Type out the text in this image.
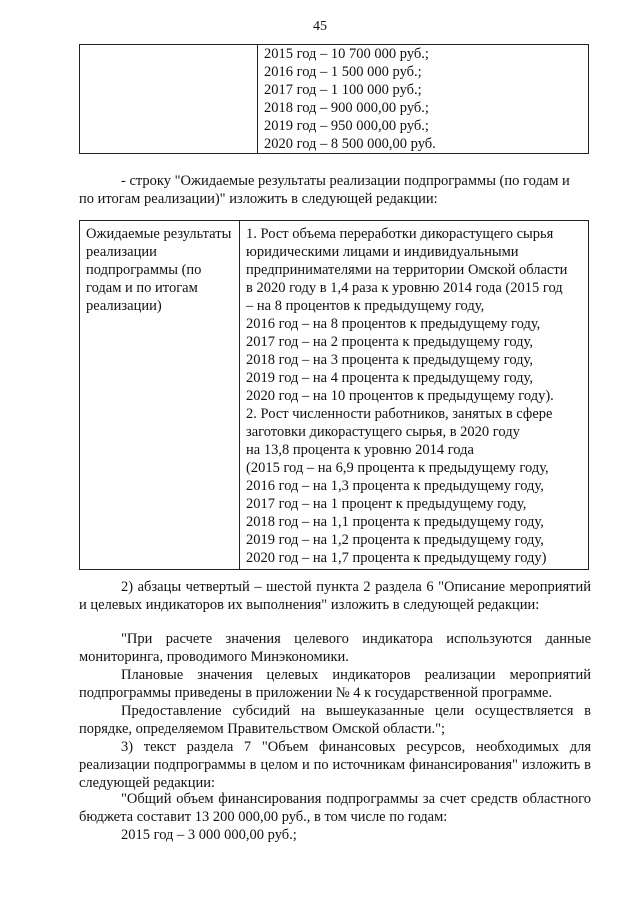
45

2015 год – 10 700 000 руб.;
2016 год – 1 500 000 руб.;
2017 год – 1 100 000 руб.;
2018 год – 900 000,00 руб.;
2019 год – 950 000,00 руб.;
2020 год – 8 500 000,00 руб.
- строку "Ожидаемые результаты реализации подпрограммы (по годам и
по итогам реализации)" изложить в следующей редакции:
Ожидаемые результаты
реализации
подпрограммы (по
годам и по итогам
реализации)

1. Рост объема переработки дикорастущего сырья
юридическими лицами и индивидуальными
предпринимателями на территории Омской области
в 2020 году в 1,4 раза к уровню 2014 года (2015 год
– на 8 процентов к предыдущему году,
2016 год – на 8 процентов к предыдущему году,
2017 год – на 2 процента к предыдущему году,
2018 год – на 3 процента к предыдущему году,
2019 год – на 4 процента к предыдущему году,
2020 год – на 10 процентов к предыдущему году).
2. Рост численности работников, занятых в сфере
заготовки дикорастущего сырья, в 2020 году
на 13,8 процента к уровню 2014 года
(2015 год – на 6,9 процента к предыдущему году,
2016 год – на 1,3 процента к предыдущему году,
2017 год – на 1 процент к предыдущему году,
2018 год – на 1,1 процента к предыдущему году,
2019 год – на 1,2 процента к предыдущему году,
2020 год – на 1,7 процента к предыдущему году)

2) абзацы четвертый – шестой пункта 2 раздела 6 "Описание мероприятий и целевых индикаторов их выполнения" изложить в следующей редакции:

"При расчете значения целевого индикатора используются данные мониторинга, проводимого Минэкономики.

Плановые значения целевых индикаторов реализации мероприятий подпрограммы приведены в приложении № 4 к государственной программе.

Предоставление субсидий на вышеуказанные цели осуществляется в порядке, определяемом Правительством Омской области.";

3) текст раздела 7 "Объем финансовых ресурсов, необходимых для реализации подпрограммы в целом и по источникам финансирования" изложить в следующей редакции:

"Общий объем финансирования подпрограммы за счет средств областного бюджета составит 13 200 000,00 руб., в том числе по годам:

2015 год – 3 000 000,00 руб.;
